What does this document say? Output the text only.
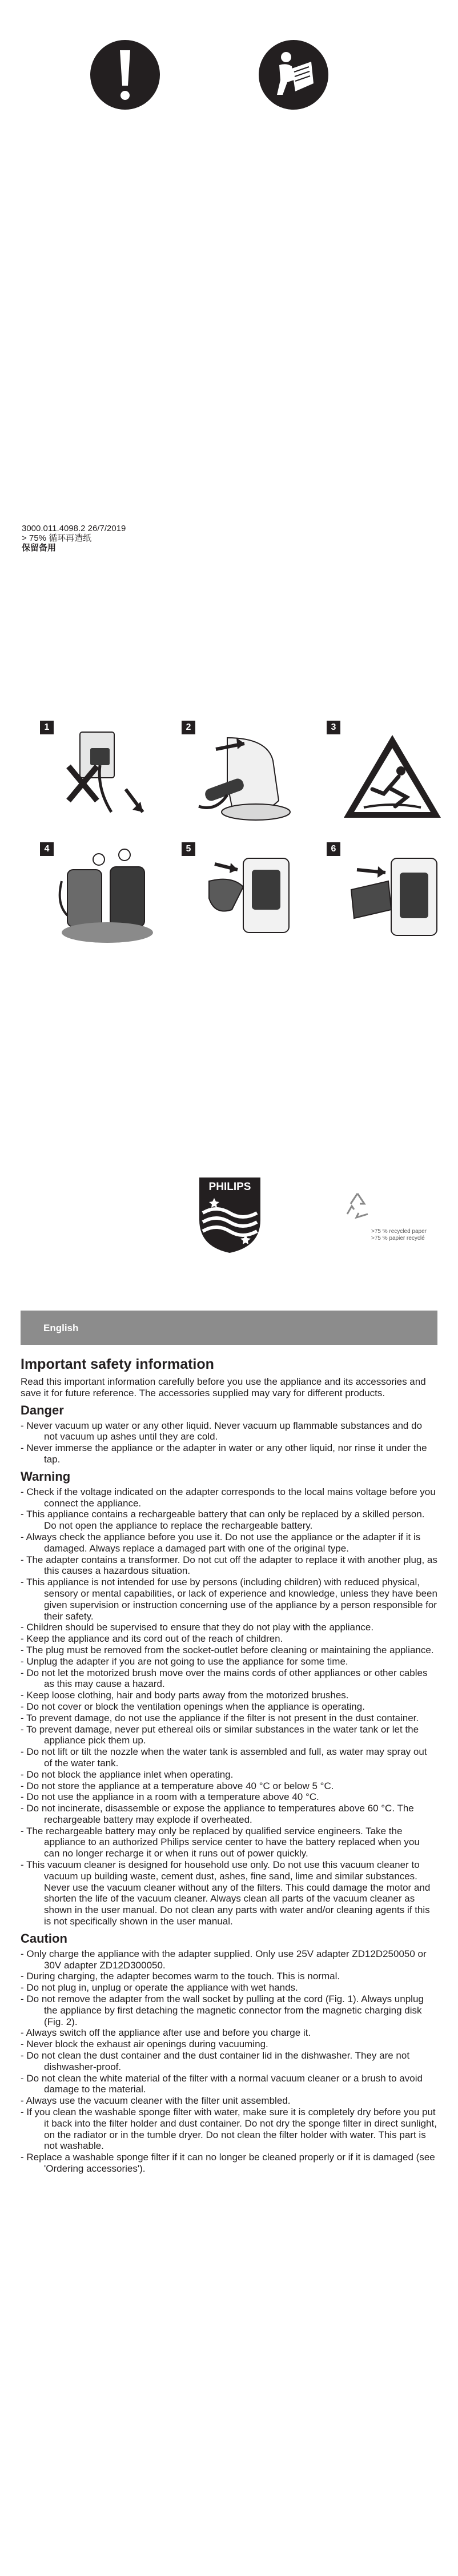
3000.011.4098.2 26/7/2019
> 75% 循环再造纸
保留备用
1	2	3
4	5	6
PHILIPS
>75 % recycled paper
>75 % papier recyclé
English
Important safety information

Read this important information carefully before you use the appliance and its accessories and save it for future reference. The accessories supplied may vary for different products.

Danger
- Never vacuum up water or any other liquid. Never vacuum up flammable substances and do not vacuum up ashes until they are cold.
- Never immerse the appliance or the adapter in water or any other liquid, nor rinse it under the tap.
Warning
- Check if the voltage indicated on the adapter corresponds to the local mains voltage before you connect the appliance.
- This appliance contains a rechargeable battery that can only be replaced by a skilled person. Do not open the appliance to replace the rechargeable battery.
- Always check the appliance before you use it. Do not use the appliance or the adapter if it is damaged. Always replace a damaged part with one of the original type.
- The adapter contains a transformer. Do not cut off the adapter to replace it with another plug, as this causes a hazardous situation.
- This appliance is not intended for use by persons (including children) with reduced physical, sensory or mental capabilities, or lack of experience and knowledge, unless they have been given supervision or instruction concerning use of the appliance by a person responsible for their safety.
- Children should be supervised to ensure that they do not play with the appliance.
- Keep the appliance and its cord out of the reach of children.
- The plug must be removed from the socket-outlet before cleaning or maintaining the appliance.
- Unplug the adapter if you are not going to use the appliance for some time.
- Do not let the motorized brush move over the mains cords of other appliances or other cables as this may cause a hazard.
- Keep loose clothing, hair and body parts away from the motorized brushes.
- Do not cover or block the ventilation openings when the appliance is operating.
- To prevent damage, do not use the appliance if the filter is not present in the dust container.
- To prevent damage, never put ethereal oils or similar substances in the water tank or let the appliance pick them up.
- Do not lift or tilt the nozzle when the water tank is assembled and full, as water may spray out of the water tank.
- Do not block the appliance inlet when operating.
- Do not store the appliance at a temperature above 40 °C or below 5 °C.
- Do not use the appliance in a room with a temperature above 40 °C.
- Do not incinerate, disassemble or expose the appliance to temperatures above 60 °C. The rechargeable battery may explode if overheated.
- The rechargeable battery may only be replaced by qualified service engineers. Take the appliance to an authorized Philips service center to have the battery replaced when you can no longer recharge it or when it runs out of power quickly.
- This vacuum cleaner is designed for household use only. Do not use this vacuum cleaner to vacuum up building waste, cement dust, ashes, fine sand, lime and similar substances. Never use the vacuum cleaner without any of the filters. This could damage the motor and shorten the life of the vacuum cleaner. Always clean all parts of the vacuum cleaner as shown in the user manual. Do not clean any parts with water and/or cleaning agents if this is not specifically shown in the user manual.
Caution
- Only charge the appliance with the adapter supplied. Only use 25V adapter ZD12D250050 or 30V adapter ZD12D300050.
- During charging, the adapter becomes warm to the touch. This is normal.
- Do not plug in, unplug or operate the appliance with wet hands.
- Do not remove the adapter from the wall socket by pulling at the cord (Fig. 1). Always unplug the appliance by first detaching the magnetic connector from the magnetic charging disk (Fig. 2).
- Always switch off the appliance after use and before you charge it.
- Never block the exhaust air openings during vacuuming.
- Do not clean the dust container and the dust container lid in the dishwasher. They are not dishwasher-proof.
- Do not clean the white material of the filter with a normal vacuum cleaner or a brush to avoid damage to the material.
- Always use the vacuum cleaner with the filter unit assembled.
- If you clean the washable sponge filter with water, make sure it is completely dry before you put it back into the filter holder and dust container. Do not dry the sponge filter in direct sunlight, on the radiator or in the tumble dryer. Do not clean the filter holder with water. This part is not washable.
- Replace a washable sponge filter if it can no longer be cleaned properly or if it is damaged (see 'Ordering accessories').
